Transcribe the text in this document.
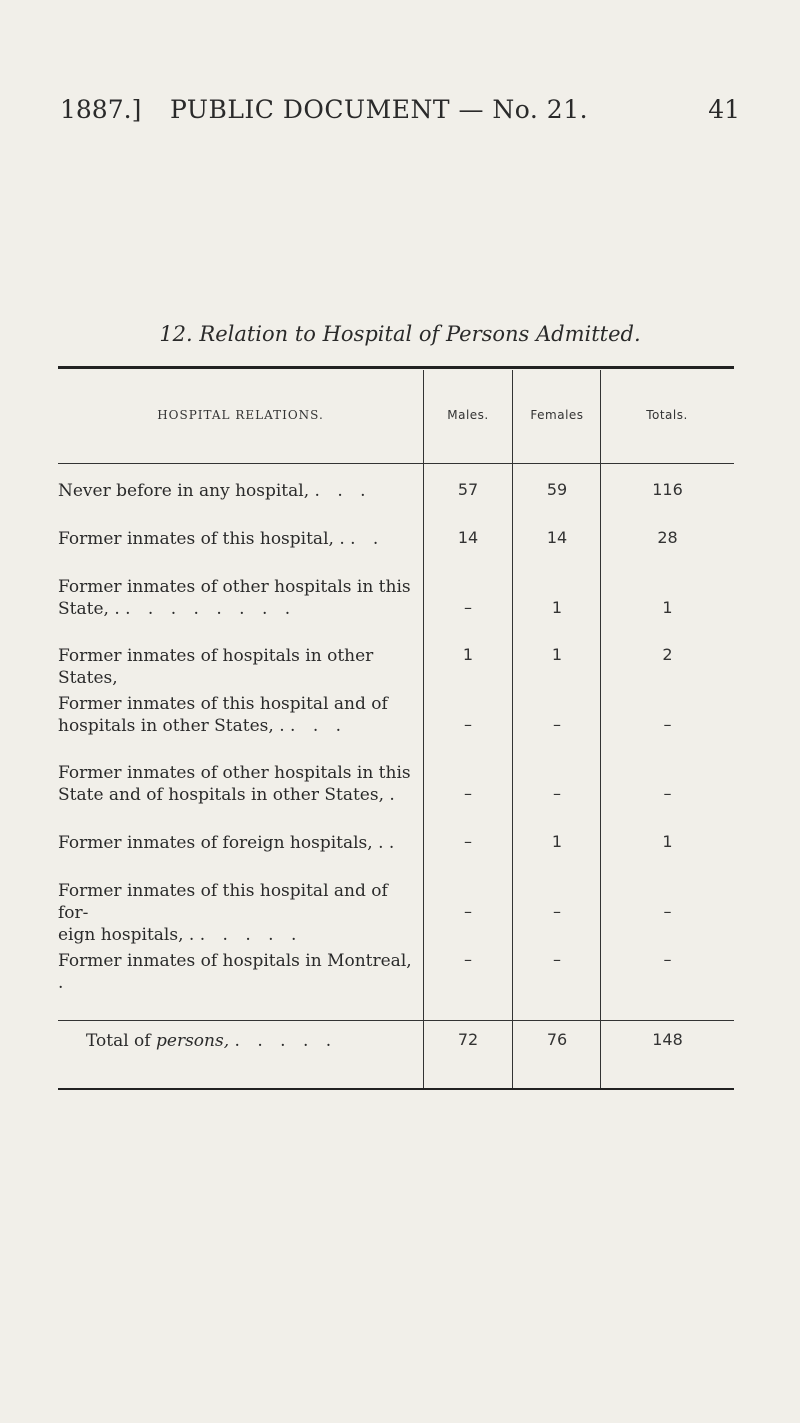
1887.] PUBLIC DOCUMENT — No. 21.	41
12. Relation to Hospital of Persons Admitted.
HOSPITAL RELATIONS.	Males.	Females	Totals.
Never before in any hospital, . . .	57	59	116
Former inmates of this hospital, . . .	14	14	28
Former inmates of other hospitals in this
State, . . . . . . . . .	–	1	1
Former inmates of hospitals in other States,
1	1	2
Former inmates of this hospital and of
hospitals in other States, . . . .	–	–	–
Former inmates of other hospitals in this
State and of hospitals in other States, .	–	–	–
Former inmates of foreign hospitals, . .	–	1	1
Former inmates of this hospital and of for-
eign hospitals, . . . . . .
–	–	–
Former inmates of hospitals in Montreal, .
–	–	–
Total of persons, . . . . .	72	76	148
